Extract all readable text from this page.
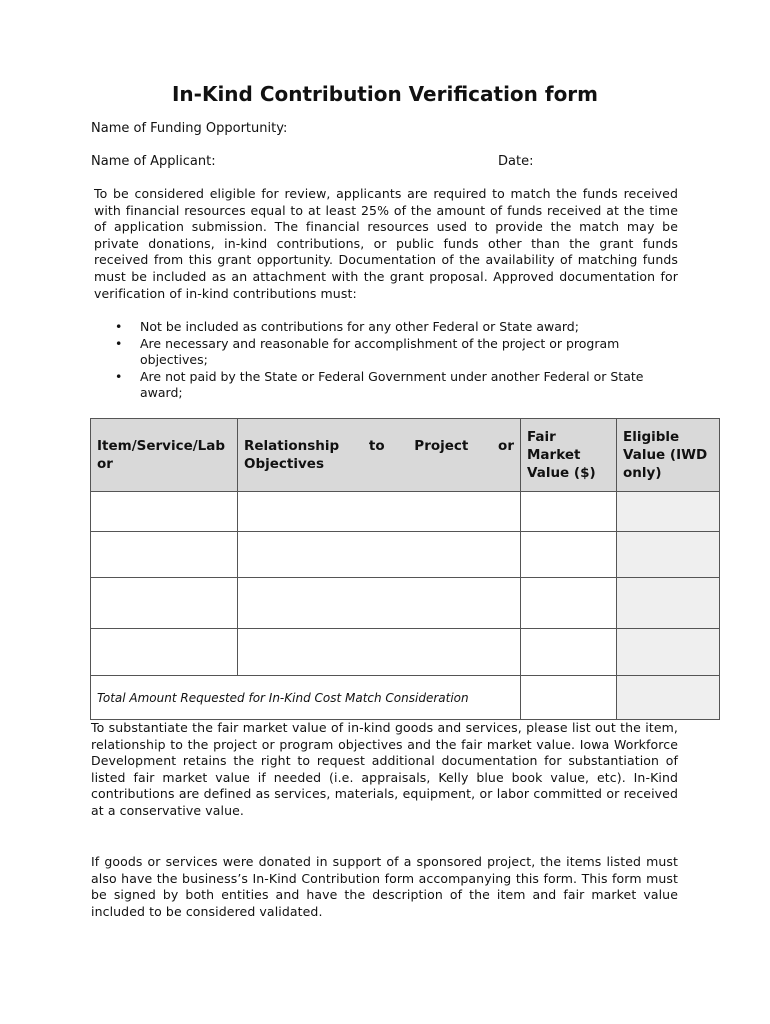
In-Kind Contribution Verification form
Name of Funding Opportunity:
Name of Applicant:	Date:

To be considered eligible for review, applicants are required to match the funds received with financial resources equal to at least 25% of the amount of funds received at the time of application submission. The financial resources used to provide the match may be private donations, in-kind contributions, or public funds other than the grant funds received from this grant opportunity. Documentation of the availability of matching funds must be included as an attachment with the grant proposal. Approved documentation for verification of in-kind contributions must:

•	Not be included as contributions for any other Federal or State award;
•	Are necessary and reasonable for accomplishment of the project or program objectives;
•	Are not paid by the State or Federal Government under another Federal or State award;
Item/Service/Labor	Relationship to Project or Objectives	Fair Market Value ($)	Eligible Value (IWD only)

Total Amount Requested for In-Kind Cost Match Consideration			

To substantiate the fair market value of in-kind goods and services, please list out the item, relationship to the project or program objectives and the fair market value. Iowa Workforce Development retains the right to request additional documentation for substantiation of listed fair market value if needed (i.e. appraisals, Kelly blue book value, etc). In-Kind contributions are defined as services, materials, equipment, or labor committed or received at a conservative value.

If goods or services were donated in support of a sponsored project, the items listed must also have the business’s In-Kind Contribution form accompanying this form. This form must be signed by both entities and have the description of the item and fair market value included to be considered validated.
